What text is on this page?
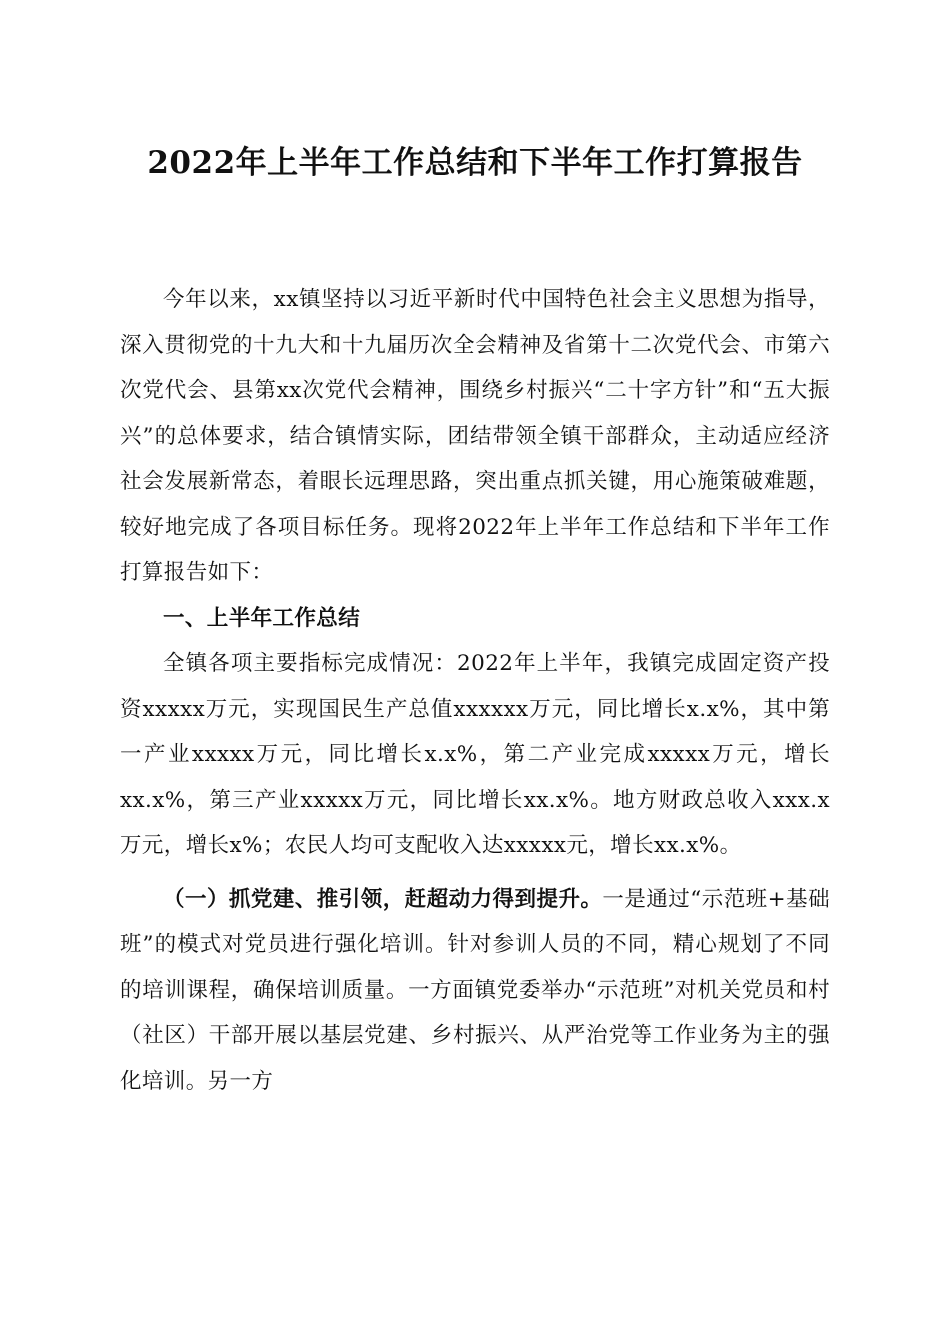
2022年上半年工作总结和下半年工作打算报告

今年以来，xx镇坚持以习近平新时代中国特色社会主义思想为指导，深入贯彻党的十九大和十九届历次全会精神及省第十二次党代会、市第六次党代会、县第xx次党代会精神，围绕乡村振兴“二十字方针”和“五大振兴”的总体要求，结合镇情实际，团结带领全镇干部群众，主动适应经济社会发展新常态，着眼长远理思路，突出重点抓关键，用心施策破难题，较好地完成了各项目标任务。现将2022年上半年工作总结和下半年工作打算报告如下：

一、上半年工作总结

全镇各项主要指标完成情况：2022年上半年，我镇完成固定资产投资xxxxx万元，实现国民生产总值xxxxxx万元，同比增长x.x%，其中第一产业xxxxx万元，同比增长x.x%，第二产业完成xxxxx万元，增长xx.x%，第三产业xxxxx万元，同比增长xx.x%。地方财政总收入xxx.x万元，增长x%；农民人均可支配收入达xxxxx元，增长xx.x%。

（一）抓党建、推引领，赶超动力得到提升。一是通过“示范班+基础班”的模式对党员进行强化培训。针对参训人员的不同，精心规划了不同的培训课程，确保培训质量。一方面镇党委举办“示范班”对机关党员和村（社区）干部开展以基层党建、乡村振兴、从严治党等工作业务为主的强化培训。另一方
